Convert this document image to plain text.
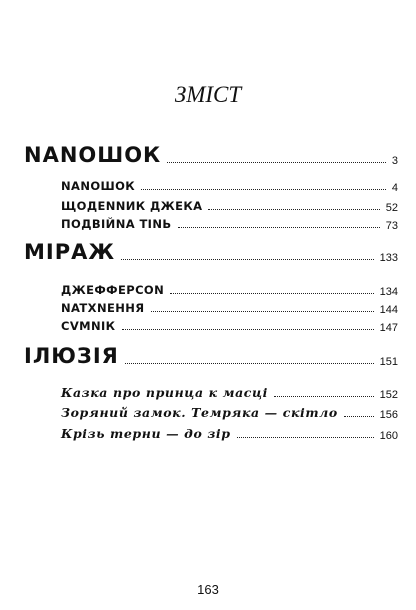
ЗМІСТ
NANOШОК	3
NANOШОК	4
ЩОДЕNNИК ДЖЕКА	52
ПОДВІЙNA ТІNЬ	73
МІРАЖ	133
ДЖЕФФЕРСОN	134
NATXNEННЯ	144
СVМNІК	147
ІЛЮЗІЯ	151
Казка про принца к масці	152
Зоряний замок. Темряка — скітло	156
Крізь терни — до зір	160
163
